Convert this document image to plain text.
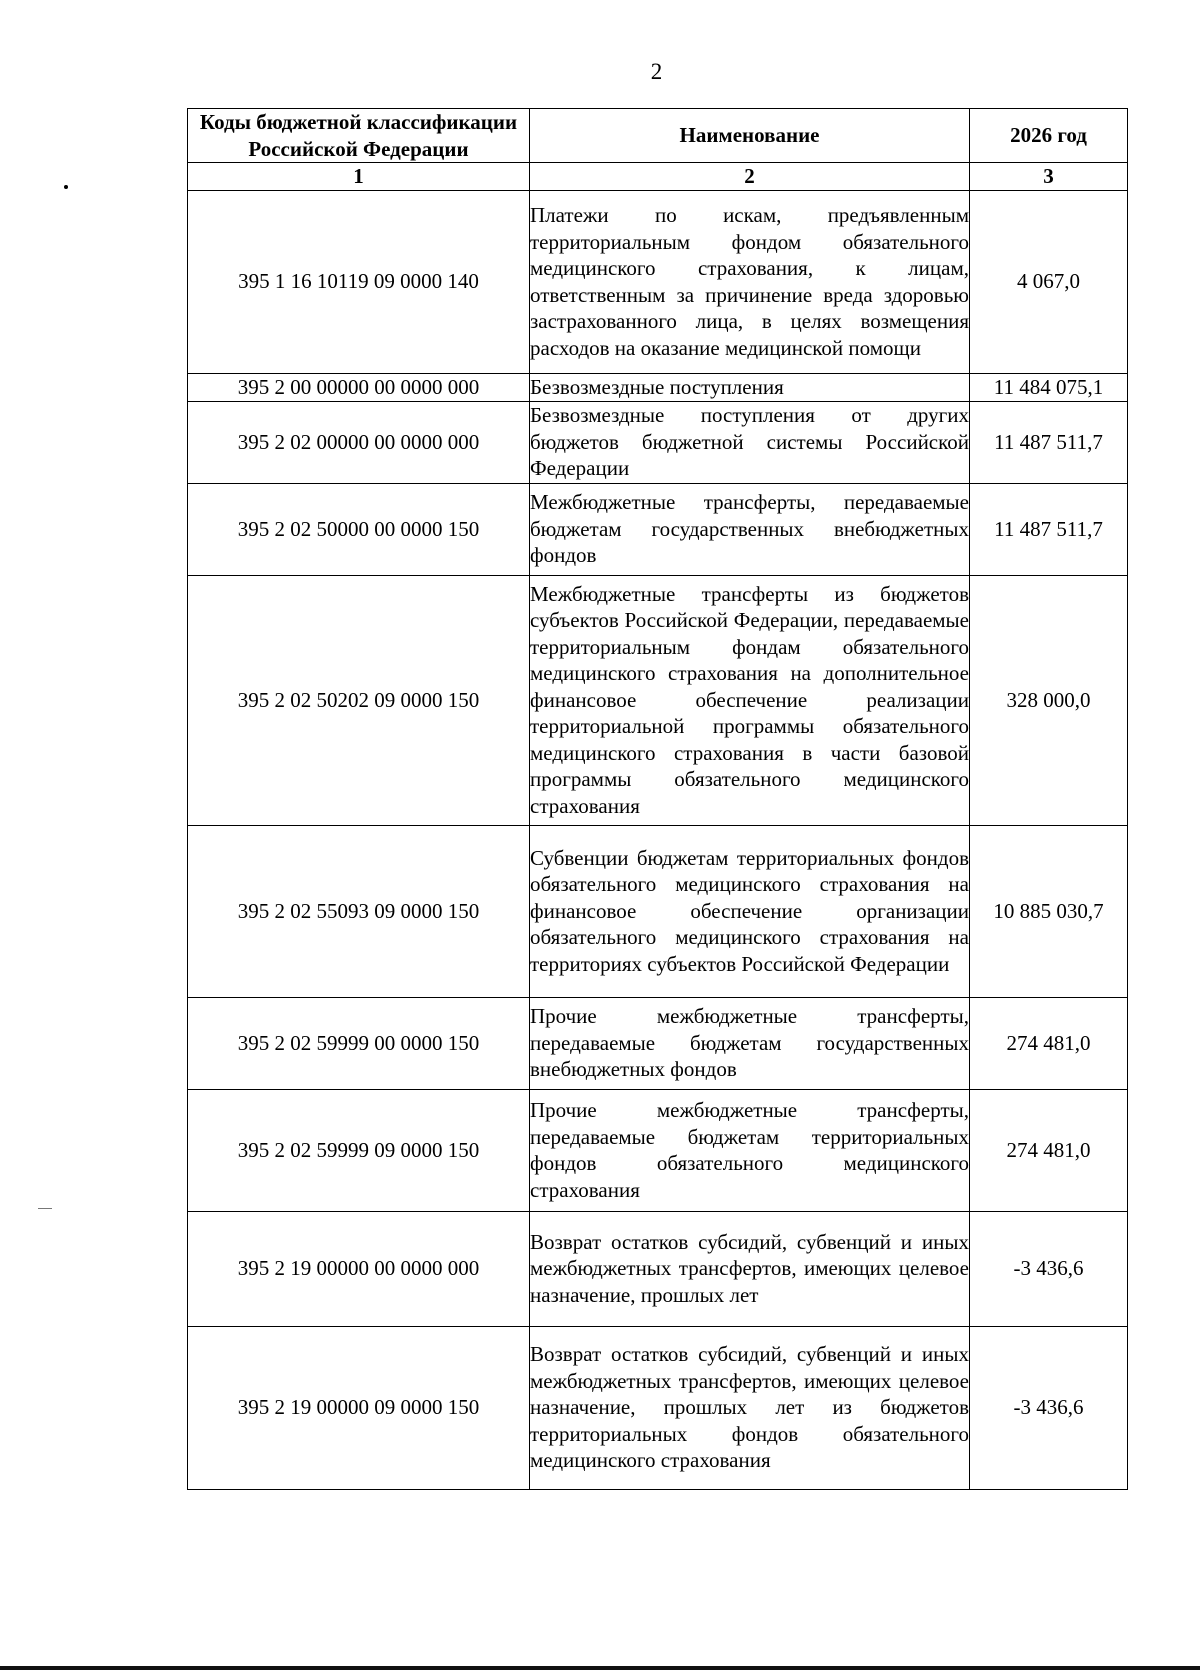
2
Коды бюджетной классификации Российской Федерации	Наименование	2026 год
1	2	3
395 1 16 10119 09 0000 140	Платежи по искам, предъявленным территориальным фондом обязательного медицинского страхования, к лицам, ответственным за причинение вреда здоровью застрахованного лица, в целях возмещения расходов на оказание медицинской помощи	4 067,0
395 2 00 00000 00 0000 000	Безвозмездные поступления	11 484 075,1
395 2 02 00000 00 0000 000	Безвозмездные поступления от других бюджетов бюджетной системы Российской Федерации	11 487 511,7
395 2 02 50000 00 0000 150	Межбюджетные трансферты, передаваемые бюджетам государственных внебюджетных фондов	11 487 511,7
395 2 02 50202 09 0000 150	Межбюджетные трансферты из бюджетов субъектов Российской Федерации, передаваемые территориальным фондам обязательного медицинского страхования на дополнительное финансовое обеспечение реализации территориальной программы обязательного медицинского страхования в части базовой программы обязательного медицинского страхования	328 000,0
395 2 02 55093 09 0000 150	Субвенции бюджетам территориальных фондов обязательного медицинского страхования на финансовое обеспечение организации обязательного медицинского страхования на территориях субъектов Российской Федерации	10 885 030,7
395 2 02 59999 00 0000 150	Прочие межбюджетные трансферты, передаваемые бюджетам государственных внебюджетных фондов	274 481,0
395 2 02 59999 09 0000 150	Прочие межбюджетные трансферты, передаваемые бюджетам территориальных фондов обязательного медицинского страхования	274 481,0
395 2 19 00000 00 0000 000	Возврат остатков субсидий, субвенций и иных межбюджетных трансфертов, имеющих целевое назначение, прошлых лет	-3 436,6
395 2 19 00000 09 0000 150	Возврат остатков субсидий, субвенций и иных межбюджетных трансфертов, имеющих целевое назначение, прошлых лет из бюджетов территориальных фондов обязательного медицинского страхования	-3 436,6
